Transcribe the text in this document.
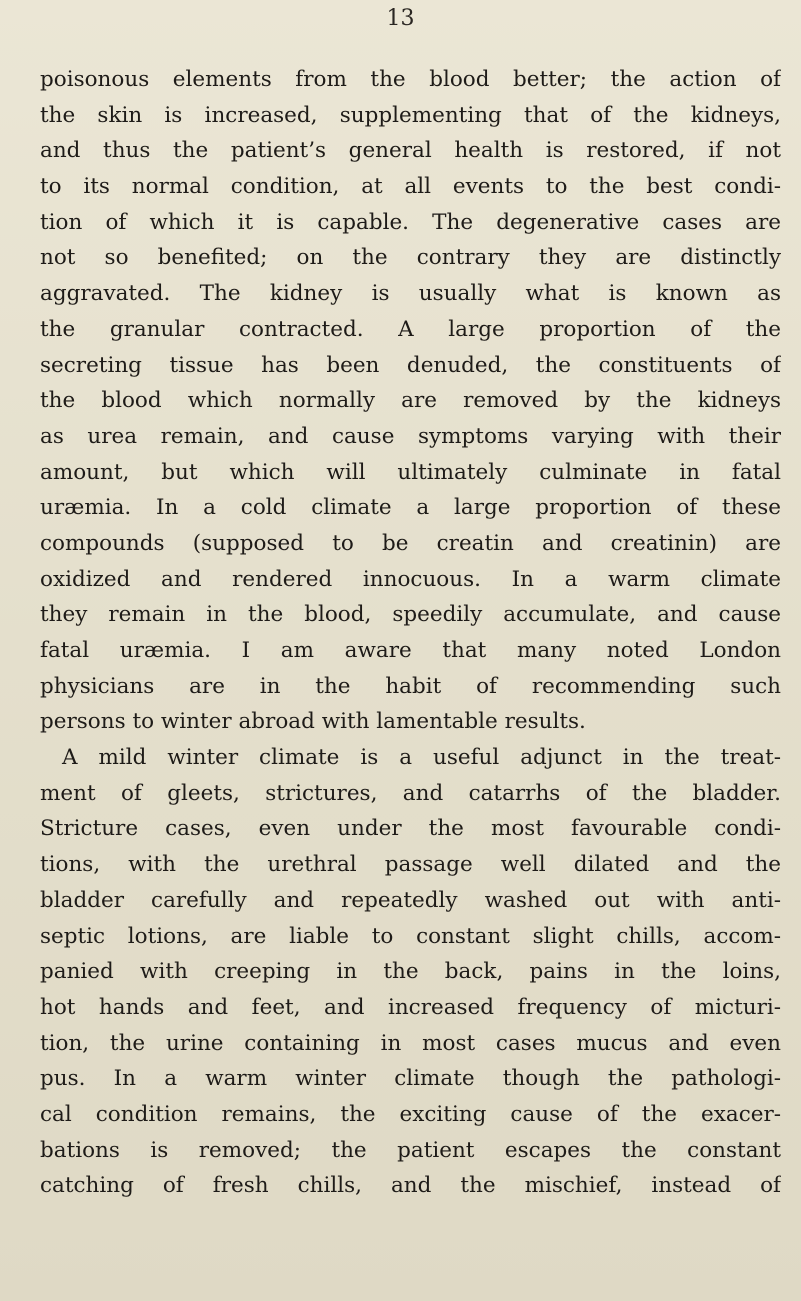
13
poisonous elements from the blood better; the action of
the skin is increased, supplementing that of the kidneys,
and thus the patient’s general health is restored, if not
to its normal condition, at all events to the best condi-
tion of which it is capable. The degenerative cases are
not so benefited; on the contrary they are distinctly
aggravated. The kidney is usually what is known as
the granular contracted. A large proportion of the
secreting tissue has been denuded, the constituents of
the blood which normally are removed by the kidneys
as urea remain, and cause symptoms varying with their
amount, but which will ultimately culminate in fatal
uræmia. In a cold climate a large proportion of these
compounds (supposed to be creatin and creatinin) are
oxidized and rendered innocuous. In a warm climate
they remain in the blood, speedily accumulate, and cause
fatal uræmia. I am aware that many noted London
physicians are in the habit of recommending such
persons to winter abroad with lamentable results.
A mild winter climate is a useful adjunct in the treat-
ment of gleets, strictures, and catarrhs of the bladder.
Stricture cases, even under the most favourable condi-
tions, with the urethral passage well dilated and the
bladder carefully and repeatedly washed out with anti-
septic lotions, are liable to constant slight chills, accom-
panied with creeping in the back, pains in the loins,
hot hands and feet, and increased frequency of micturi-
tion, the urine containing in most cases mucus and even
pus. In a warm winter climate though the pathologi-
cal condition remains, the exciting cause of the exacer-
bations is removed; the patient escapes the constant
catching of fresh chills, and the mischief, instead of
